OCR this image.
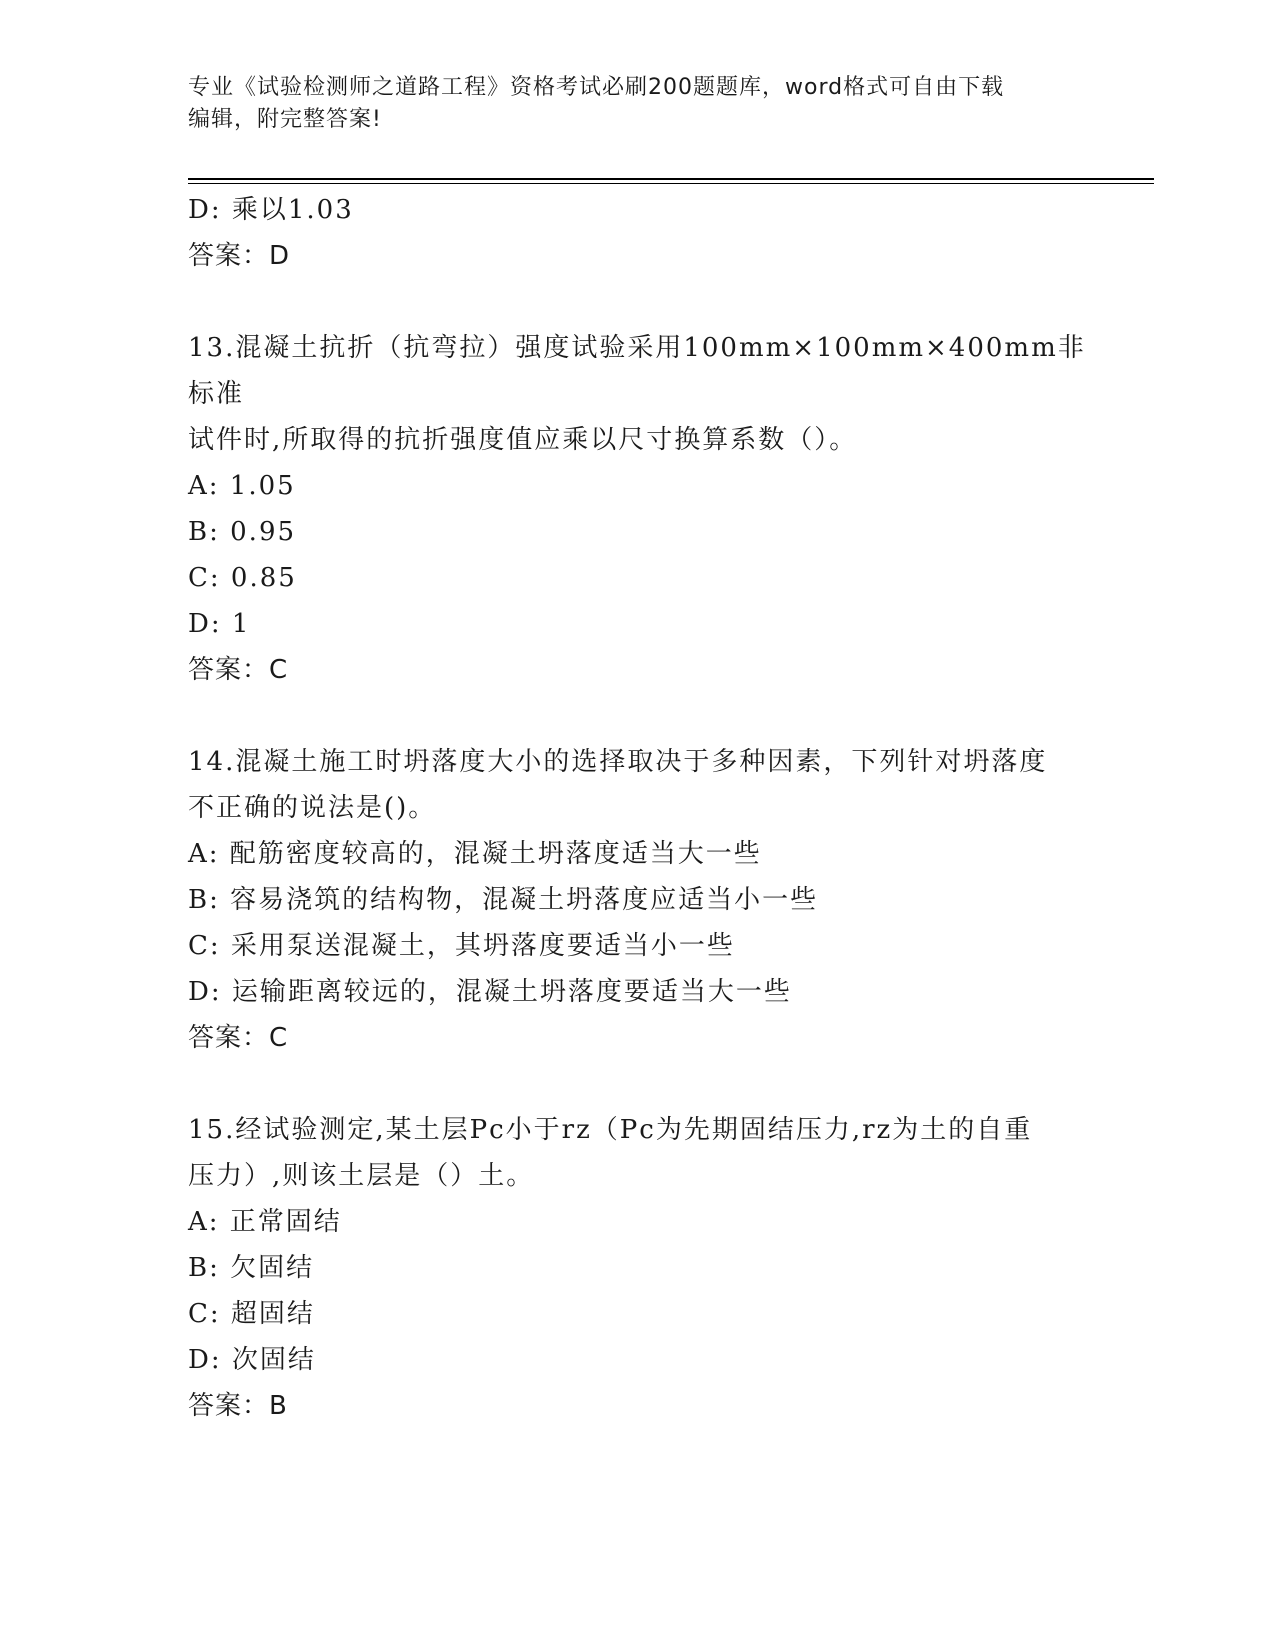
专业《试验检测师之道路工程》资格考试必刷200题题库，word格式可自由下载
编辑，附完整答案!
D: 乘以1.03
答案：D
13.混凝土抗折（抗弯拉）强度试验采用100mm×100mm×400mm非标准
试件时,所取得的抗折强度值应乘以尺寸换算系数（）。
A: 1.05
B: 0.95
C: 0.85
D: 1
答案：C
14.混凝土施工时坍落度大小的选择取决于多种因素，下列针对坍落度
不正确的说法是()。
A: 配筋密度较高的，混凝土坍落度适当大一些
B: 容易浇筑的结构物，混凝土坍落度应适当小一些
C: 采用泵送混凝土，其坍落度要适当小一些
D: 运输距离较远的，混凝土坍落度要适当大一些
答案：C
15.经试验测定,某土层Pc小于rz（Pc为先期固结压力,rz为土的自重
压力）,则该土层是（）土。
A: 正常固结
B: 欠固结
C: 超固结
D: 次固结
答案：B
